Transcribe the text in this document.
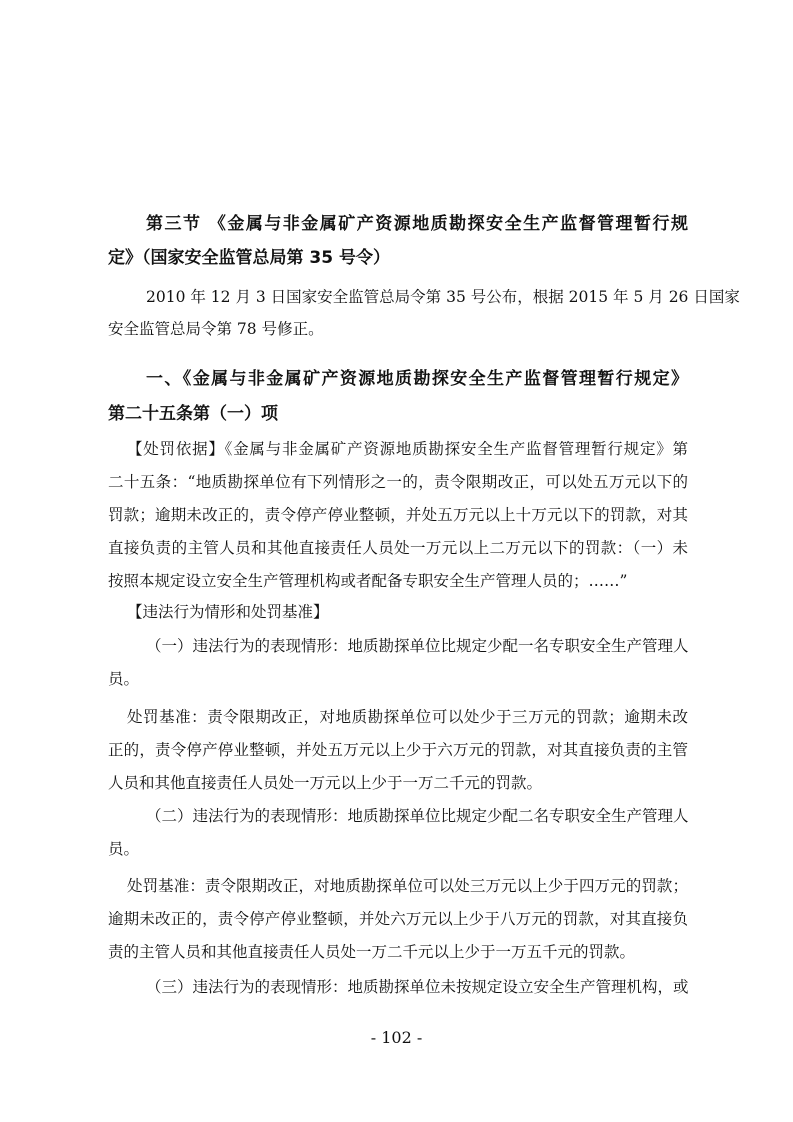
第三节 《金属与非金属矿产资源地质勘探安全生产监督管理暂行规
定》（国家安全监管总局第 35 号令）
2010 年 12 月 3 日国家安全监管总局令第 35 号公布，根据 2015 年 5 月 26 日国家
安全监管总局令第 78 号修正。
一、《金属与非金属矿产资源地质勘探安全生产监督管理暂行规定》
第二十五条第（一）项
【处罚依据】《金属与非金属矿产资源地质勘探安全生产监督管理暂行规定》第
二十五条：“地质勘探单位有下列情形之一的，责令限期改正，可以处五万元以下的
罚款；逾期未改正的，责令停产停业整顿，并处五万元以上十万元以下的罚款，对其
直接负责的主管人员和其他直接责任人员处一万元以上二万元以下的罚款：（一）未
按照本规定设立安全生产管理机构或者配备专职安全生产管理人员的；……”
【违法行为情形和处罚基准】
（一）违法行为的表现情形：地质勘探单位比规定少配一名专职安全生产管理人
员。
处罚基准：责令限期改正，对地质勘探单位可以处少于三万元的罚款；逾期未改
正的，责令停产停业整顿，并处五万元以上少于六万元的罚款，对其直接负责的主管
人员和其他直接责任人员处一万元以上少于一万二千元的罚款。
（二）违法行为的表现情形：地质勘探单位比规定少配二名专职安全生产管理人
员。
处罚基准：责令限期改正，对地质勘探单位可以处三万元以上少于四万元的罚款；
逾期未改正的，责令停产停业整顿，并处六万元以上少于八万元的罚款，对其直接负
责的主管人员和其他直接责任人员处一万二千元以上少于一万五千元的罚款。
（三）违法行为的表现情形：地质勘探单位未按规定设立安全生产管理机构，或
- 102 -
